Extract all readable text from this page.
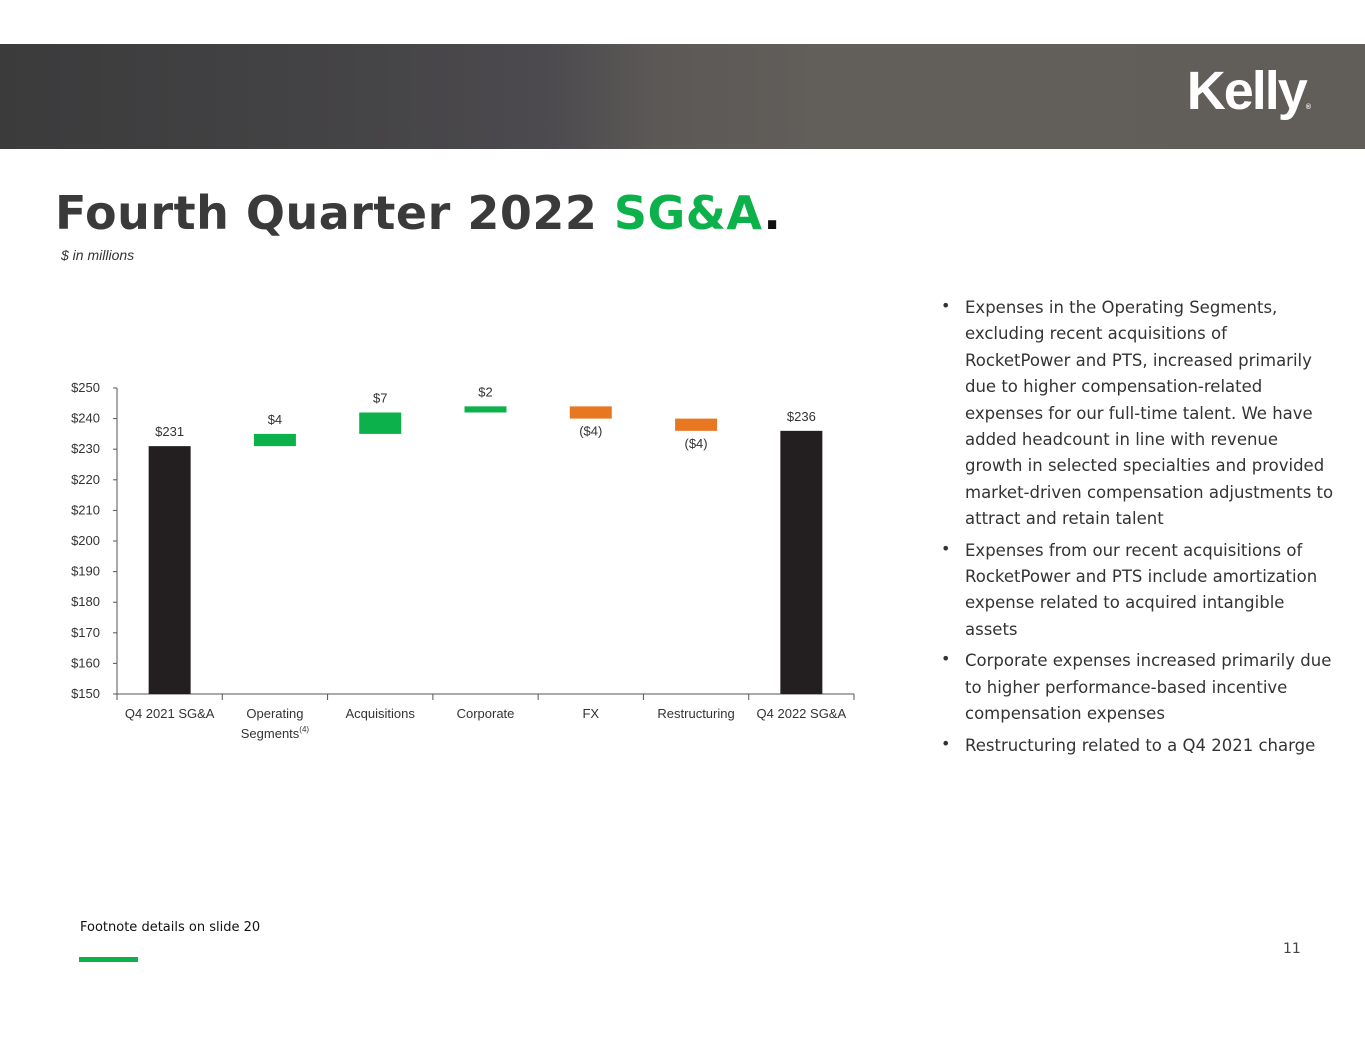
Kelly®
Fourth Quarter 2022 SG&A.
$ in millions
$150
$160
$170
$180
$190
$200
$210
$220
$230
$240
$250
$231
Q4 2021 SG&A
$4
Operating
Segments$^{(4)}$
$7
Acquisitions
$2
Corporate
($4)
FX
($4)
Restructuring
$236
Q4 2022 SG&A
• Expenses in the Operating Segments, excluding recent acquisitions of RocketPower and PTS, increased primarily due to higher compensation-related expenses for our full-time talent. We have added headcount in line with revenue growth in selected specialties and provided market-driven compensation adjustments to attract and retain talent
• Expenses from our recent acquisitions of RocketPower and PTS include amortization expense related to acquired intangible assets
• Corporate expenses increased primarily due to higher performance-based incentive compensation expenses
• Restructuring related to a Q4 2021 charge
Footnote details on slide 20
11
